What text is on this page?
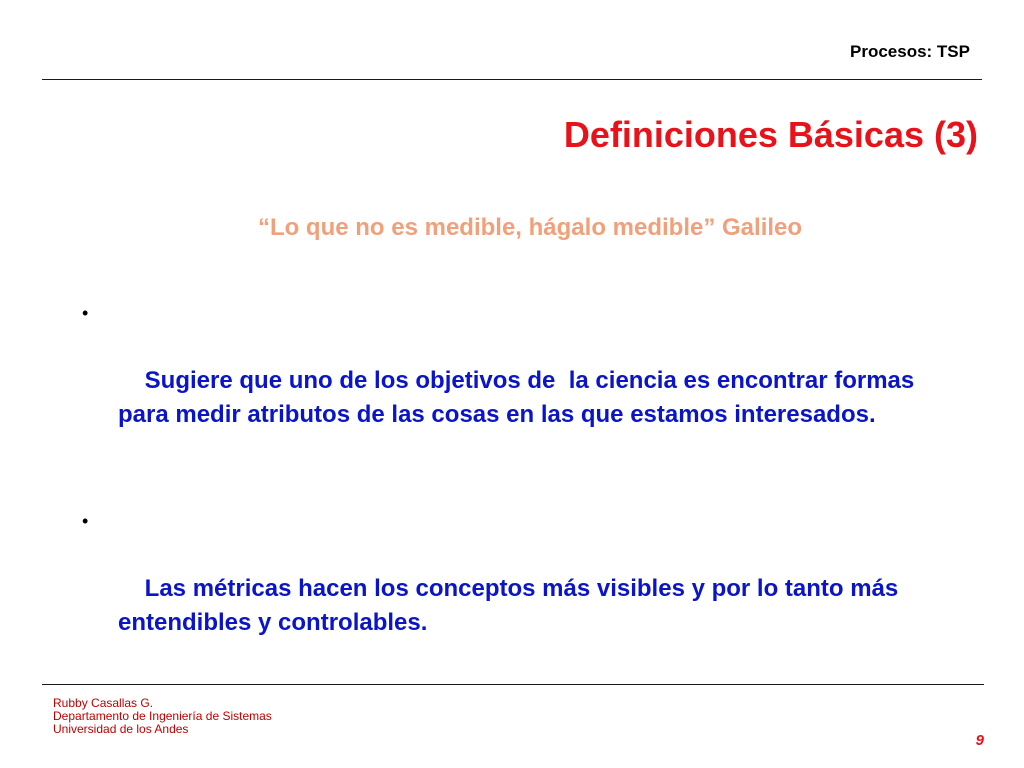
Procesos: TSP
Definiciones Básicas (3)
“Lo que no es medible, hágalo medible” Galileo

•

Sugiere que uno de los objetivos de  la ciencia es encontrar formas para medir atributos de las cosas en las que estamos interesados.

•

Las métricas hacen los conceptos más visibles y por lo tanto más entendibles y controlables.

Rubby Casallas G.
Departamento de Ingeniería de Sistemas
Universidad de los Andes
9
